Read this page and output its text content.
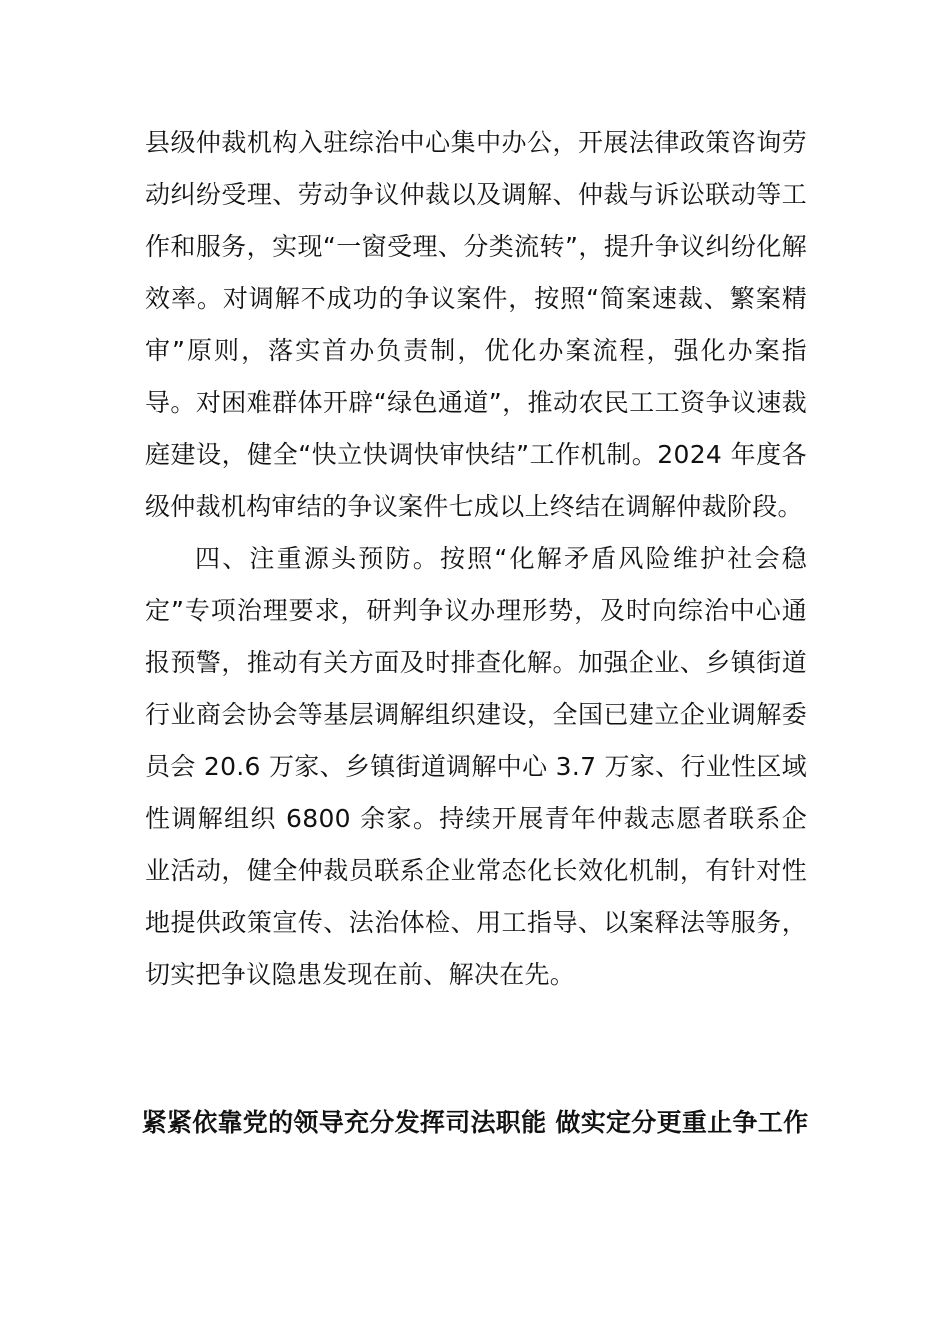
县级仲裁机构入驻综治中心集中办公，开展法律政策咨询劳动纠纷受理、劳动争议仲裁以及调解、仲裁与诉讼联动等工作和服务，实现“一窗受理、分类流转”，提升争议纠纷化解效率。对调解不成功的争议案件，按照“简案速裁、繁案精审”原则，落实首办负责制，优化办案流程，强化办案指导。对困难群体开辟“绿色通道”，推动农民工工资争议速裁庭建设，健全“快立快调快审快结”工作机制。2024 年度各级仲裁机构审结的争议案件七成以上终结在调解仲裁阶段。

四、注重源头预防。按照“化解矛盾风险维护社会稳定”专项治理要求，研判争议办理形势，及时向综治中心通报预警，推动有关方面及时排查化解。加强企业、乡镇街道行业商会协会等基层调解组织建设，全国已建立企业调解委员会 20.6 万家、乡镇街道调解中心 3.7 万家、行业性区域性调解组织 6800 余家。持续开展青年仲裁志愿者联系企业活动，健全仲裁员联系企业常态化长效化机制，有针对性地提供政策宣传、法治体检、用工指导、以案释法等服务，切实把争议隐患发现在前、解决在先。

紧紧依靠党的领导充分发挥司法职能 做实定分更重止争工作
